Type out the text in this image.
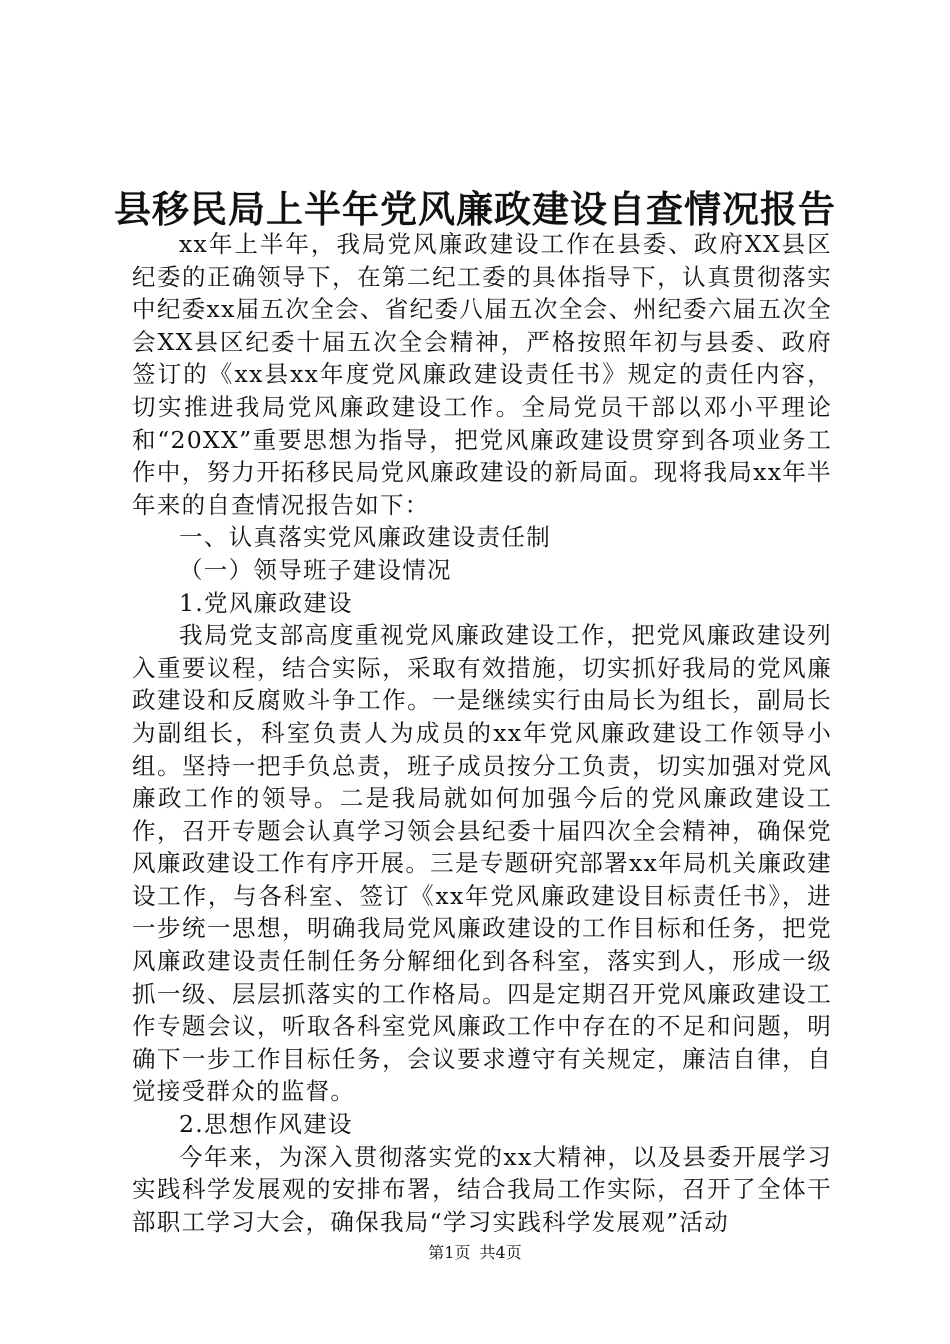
县移民局上半年党风廉政建设自查情况报告

xx年上半年，我局党风廉政建设工作在县委、政府XX县区纪委的正确领导下，在第二纪工委的具体指导下，认真贯彻落实中纪委xx届五次全会、省纪委八届五次全会、州纪委六届五次全会XX县区纪委十届五次全会精神，严格按照年初与县委、政府签订的《xx县xx年度党风廉政建设责任书》规定的责任内容，切实推进我局党风廉政建设工作。全局党员干部以邓小平理论和“20XX”重要思想为指导，把党风廉政建设贯穿到各项业务工作中，努力开拓移民局党风廉政建设的新局面。现将我局xx年半年来的自查情况报告如下：

一、认真落实党风廉政建设责任制

（一）领导班子建设情况

1.党风廉政建设

我局党支部高度重视党风廉政建设工作，把党风廉政建设列入重要议程，结合实际，采取有效措施，切实抓好我局的党风廉政建设和反腐败斗争工作。一是继续实行由局长为组长，副局长为副组长，科室负责人为成员的xx年党风廉政建设工作领导小组。坚持一把手负总责，班子成员按分工负责，切实加强对党风廉政工作的领导。二是我局就如何加强今后的党风廉政建设工作，召开专题会认真学习领会县纪委十届四次全会精神，确保党风廉政建设工作有序开展。三是专题研究部署xx年局机关廉政建设工作，与各科室、签订《xx年党风廉政建设目标责任书》，进一步统一思想，明确我局党风廉政建设的工作目标和任务，把党风廉政建设责任制任务分解细化到各科室，落实到人，形成一级抓一级、层层抓落实的工作格局。四是定期召开党风廉政建设工作专题会议，听取各科室党风廉政工作中存在的不足和问题，明确下一步工作目标任务，会议要求遵守有关规定，廉洁自律，自觉接受群众的监督。

2.思想作风建设

今年来，为深入贯彻落实党的xx大精神，以及县委开展学习实践科学发展观的安排布署，结合我局工作实际，召开了全体干部职工学习大会，确保我局“学习实践科学发展观”活动

第1页 共4页
